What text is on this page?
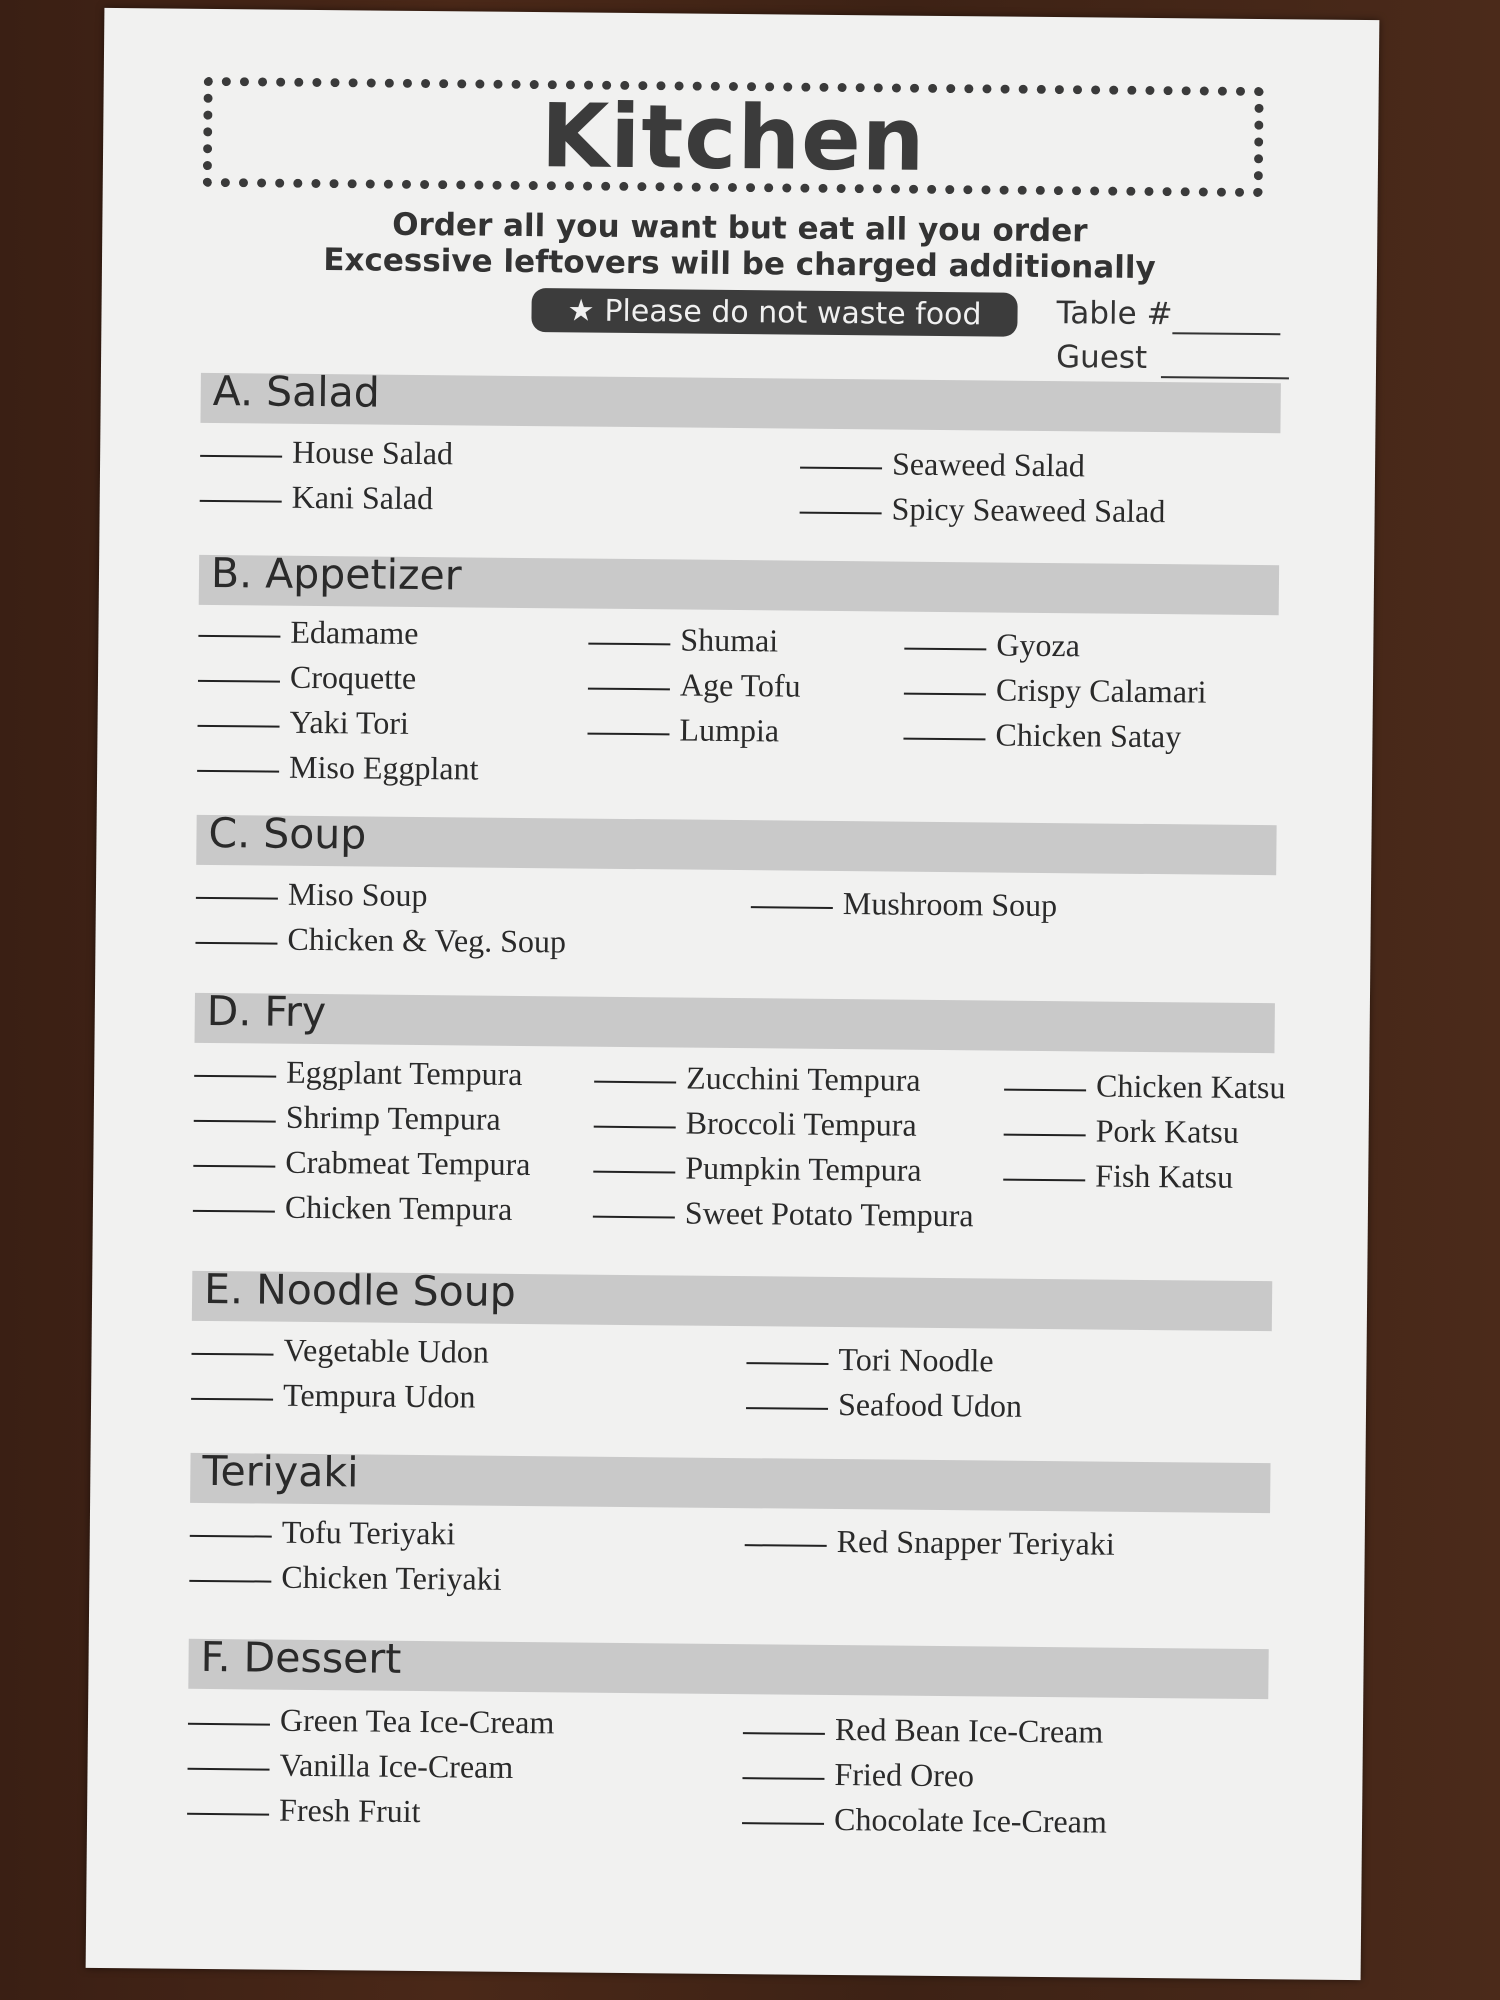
Kitchen
Order all you want but eat all you order
Excessive leftovers will be charged additionally
★ Please do not waste food Table #
Guest
A. Salad
House Salad
Kani Salad
Seaweed Salad
Spicy Seaweed Salad
B. Appetizer
Edamame
Croquette
Yaki Tori
Miso Eggplant
Shumai
Age Tofu
Lumpia
Gyoza
Crispy Calamari
Chicken Satay
C. Soup
Miso Soup
Chicken & Veg. Soup
Mushroom Soup
D. Fry
Eggplant Tempura
Shrimp Tempura
Crabmeat Tempura
Chicken Tempura
Zucchini Tempura
Broccoli Tempura
Pumpkin Tempura
Sweet Potato Tempura
Chicken Katsu
Pork Katsu
Fish Katsu
E. Noodle Soup
Vegetable Udon
Tempura Udon
Tori Noodle
Seafood Udon
Teriyaki
Tofu Teriyaki
Chicken Teriyaki
Red Snapper Teriyaki
F. Dessert
Green Tea Ice-Cream
Vanilla Ice-Cream
Fresh Fruit
Red Bean Ice-Cream
Fried Oreo
Chocolate Ice-Cream
